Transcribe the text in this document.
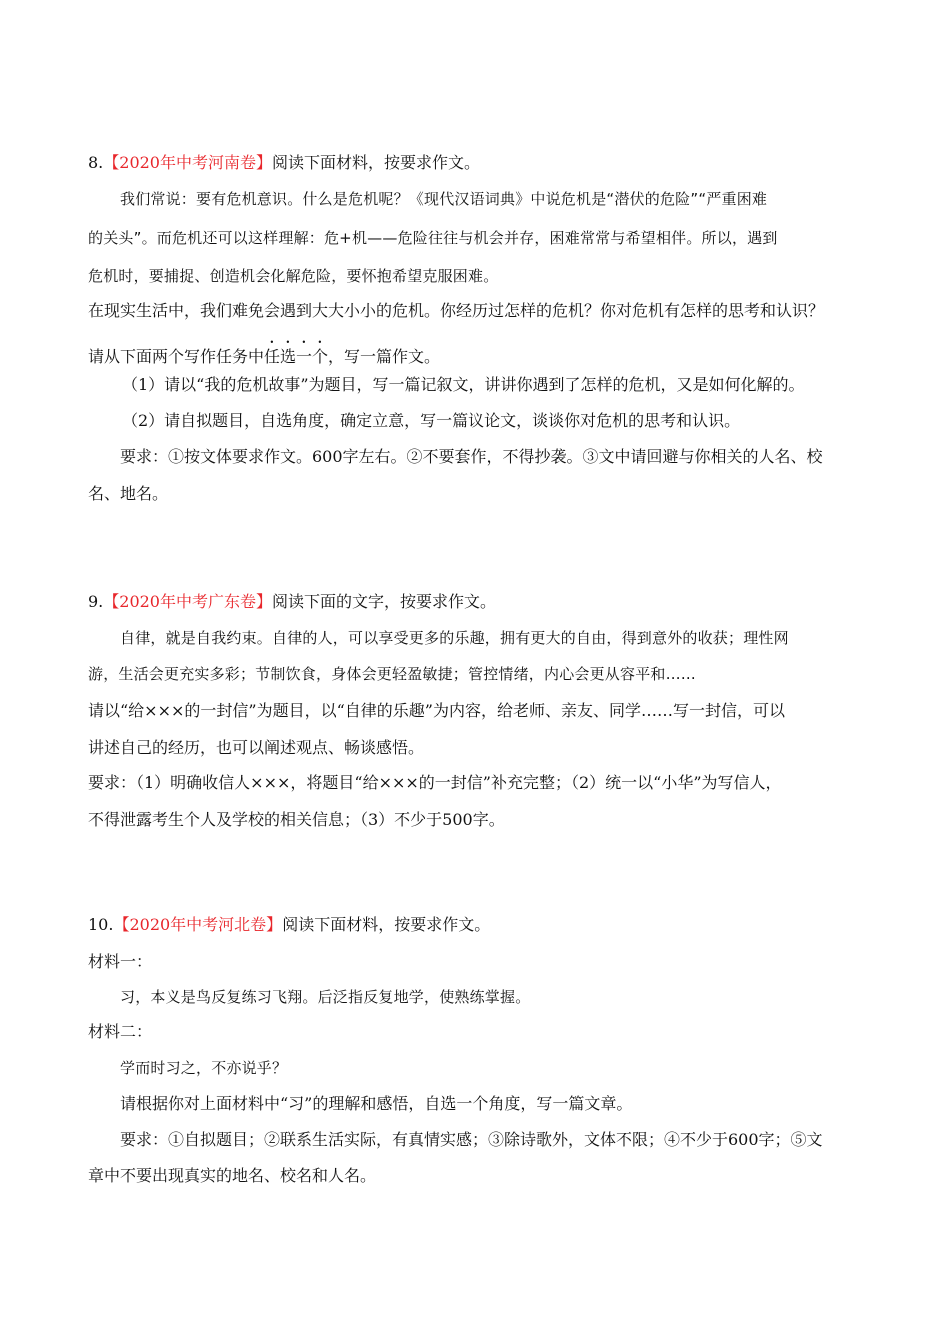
8.【2020年中考河南卷】阅读下面材料，按要求作文。
我们常说：要有危机意识。什么是危机呢？《现代汉语词典》中说危机是“潜伏的危险”“严重困难
的关头”。而危机还可以这样理解：危+机——危险往往与机会并存，困难常常与希望相伴。所以，遇到
危机时，要捕捉、创造机会化解危险，要怀抱希望克服困难。
在现实生活中，我们难免会遇到大大小小的危机。你经历过怎样的危机？你对危机有怎样的思考和认识？
请从下面两个写作任务中任选一个，写一篇作文。
（1）请以“我的危机故事”为题目，写一篇记叙文，讲讲你遇到了怎样的危机，又是如何化解的。
（2）请自拟题目，自选角度，确定立意，写一篇议论文，谈谈你对危机的思考和认识。
要求：①按文体要求作文。600字左右。②不要套作，不得抄袭。③文中请回避与你相关的人名、校
名、地名。
9.【2020年中考广东卷】阅读下面的文字，按要求作文。
自律，就是自我约束。自律的人，可以享受更多的乐趣，拥有更大的自由，得到意外的收获；理性网
游，生活会更充实多彩；节制饮食，身体会更轻盈敏捷；管控情绪，内心会更从容平和……
请以“给×××的一封信”为题目，以“自律的乐趣”为内容，给老师、亲友、同学……写一封信，可以
讲述自己的经历，也可以阐述观点、畅谈感悟。
要求：（1）明确收信人×××，将题目“给×××的一封信”补充完整；（2）统一以“小华”为写信人，
不得泄露考生个人及学校的相关信息；（3）不少于500字。
10.【2020年中考河北卷】阅读下面材料，按要求作文。
材料一：
习，本义是鸟反复练习飞翔。后泛指反复地学，使熟练掌握。
材料二：
学而时习之，不亦说乎？
请根据你对上面材料中“习”的理解和感悟，自选一个角度，写一篇文章。
要求：①自拟题目；②联系生活实际，有真情实感；③除诗歌外，文体不限；④不少于600字；⑤文
章中不要出现真实的地名、校名和人名。
